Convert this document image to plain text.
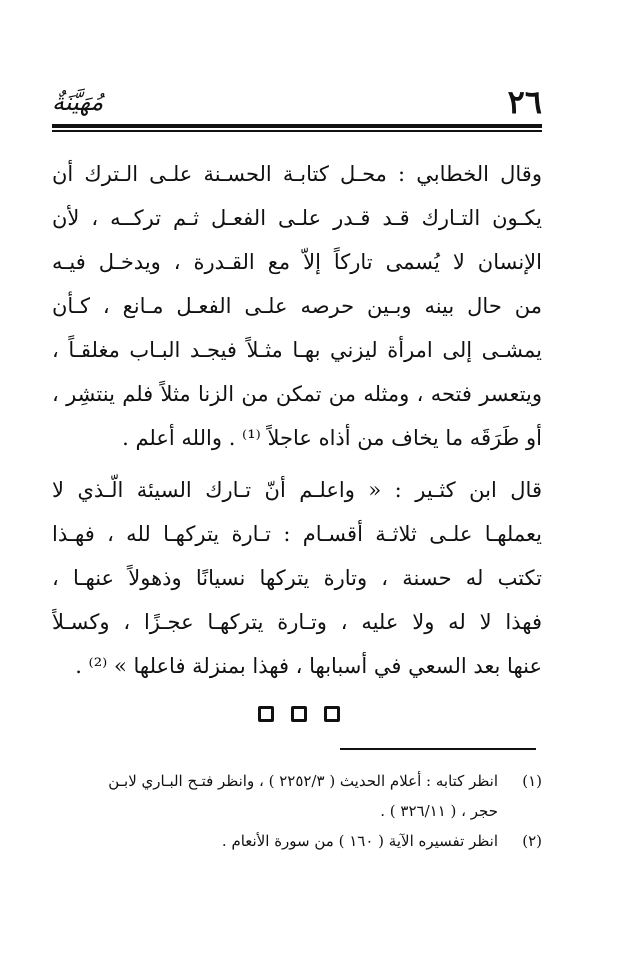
٢٦
مُهَيَّنَةٌ
وقال الخطابي : محـل كتابـة الحسـنة علـى الـترك أن
يكـون التـارك قـد قـدر علـى الفعـل ثـم تركــه ، لأن
الإنسان لا يُسمى تاركاً إلاّ مع القـدرة ، ويدخـل فيـه
من حال بينه وبـين حرصه علـى الفعـل مـانع ، كـأن
يمشـى إلى امرأة ليزني بهـا مثـلاً فيجـد البـاب مغلقـاً ،
ويتعسر فتحه ، ومثله من تمكن من الزنا مثلاً فلم ينتشِر ،
أو طَرَقَه ما يخاف من أذاه عاجلاً ⁽¹⁾ . والله أعلم .
قال ابن كثـير : « واعلـم أنّ تـارك السيئة الّـذي لا
يعملهـا علـى ثلاثـة أقسـام : تـارة يتركهـا لله ، فهـذا
تكتب له حسنة ، وتارة يتركها نسيانًا وذهولاً عنهـا ،
فهذا لا له ولا عليه ، وتـارة يتركهـا عجـزًا ، وكسـلاً
عنها بعد السعي في أسبابها ، فهذا بمنزلة فاعلها » ⁽²⁾ .
(١)
انظر كتابه : أعلام الحديث ( ٢٢٥٢/٣ ) ، وانظر فتـح البـاري لابـن
حجر ، ( ٣٢٦/١١ ) .
(٢)
انظر تفسيره الآية ( ١٦٠ ) من سورة الأنعام .
